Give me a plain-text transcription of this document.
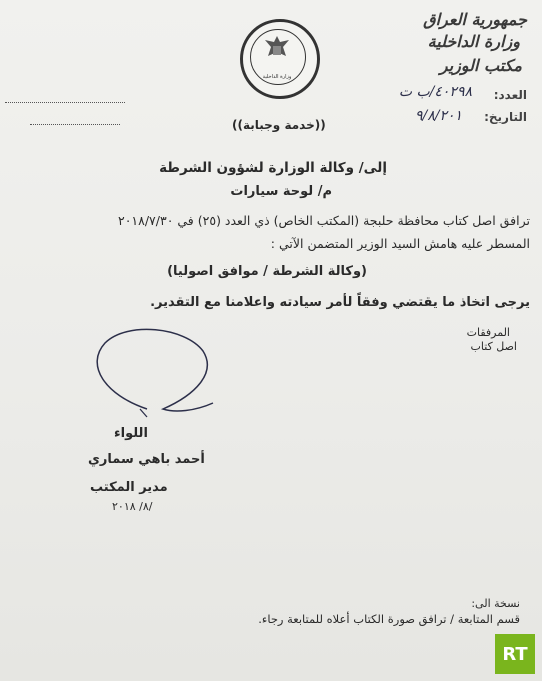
جمهورية العراق
وزارة الداخلية
مكتب الوزير
العدد:
٤٠٢٩٨/ب ت
التاريخ:
٩/٨/٢٠١
وزارة الداخلية
((خدمة وجبابة))
إلى/ وكالة الوزارة لشؤون الشرطة
م/ لوحة سيارات
ترافق اصل كتاب محافظة حلبجة (المكتب الخاص) ذي العدد (٢٥) في ٢٠١٨/٧/٣٠
المسطر عليه هامش السيد الوزير المتضمن الآتي :
(وكالة الشرطة / موافق اصوليا)
يرجى اتخاذ ما يقتضي وفقاً لأمر سيادته واعلامنا مع التقدير.
المرفقات
اصل كتاب
اللواء
أحمد باهي سماري
مدير المكتب
/٨/ ٢٠١٨
نسخة الى:
قسم المتابعة / ترافق صورة الكتاب أعلاه للمتابعة رجاء.
RT
